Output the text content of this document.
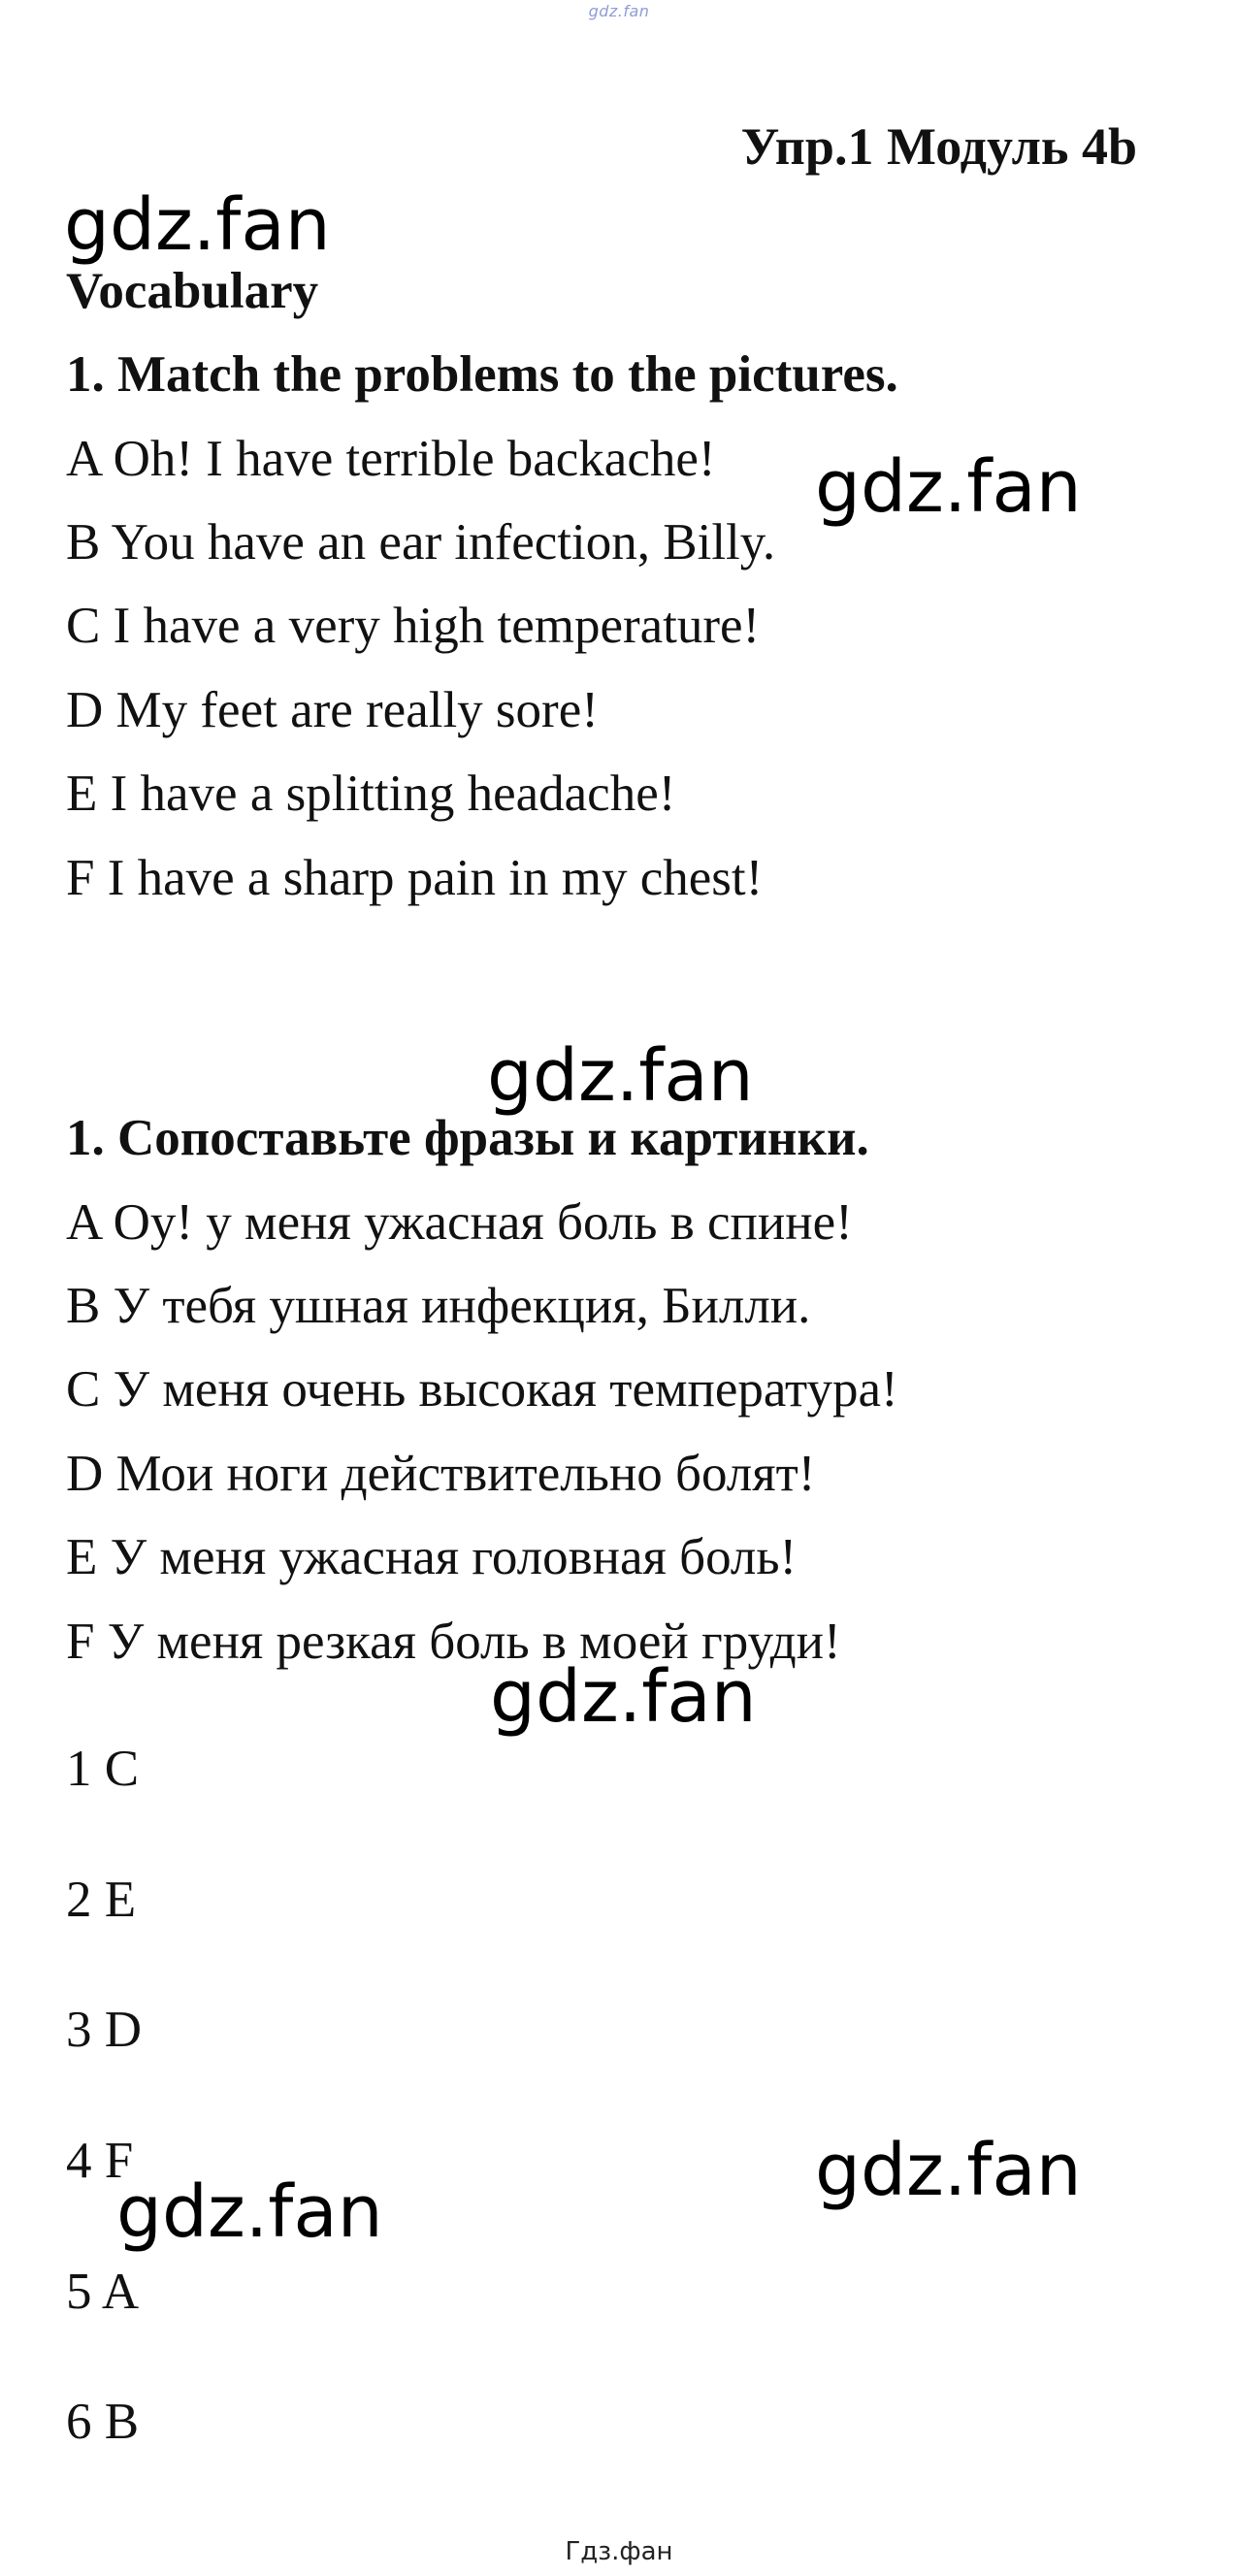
gdz.fan
Упр.1 Модуль 4b
gdz.fan
Vocabulary
1. Match the problems to the pictures.
A Oh! I have terrible backache!
B You have an ear infection, Billy.
C I have a very high temperature!
D My feet are really sore!
E I have a splitting headache!
F I have a sharp pain in my chest!
gdz.fan
gdz.fan
1. Сопоставьте фразы и картинки.
A Оу! у меня ужасная боль в спине!
B У тебя ушная инфекция, Билли.
C У меня очень высокая температура!
D Мои ноги действительно болят!
E У меня ужасная головная боль!
F У меня резкая боль в моей груди!
gdz.fan
1 C
2 E
3 D
4 F
5 A
6 B
gdz.fan
gdz.fan
Гдз.фан
